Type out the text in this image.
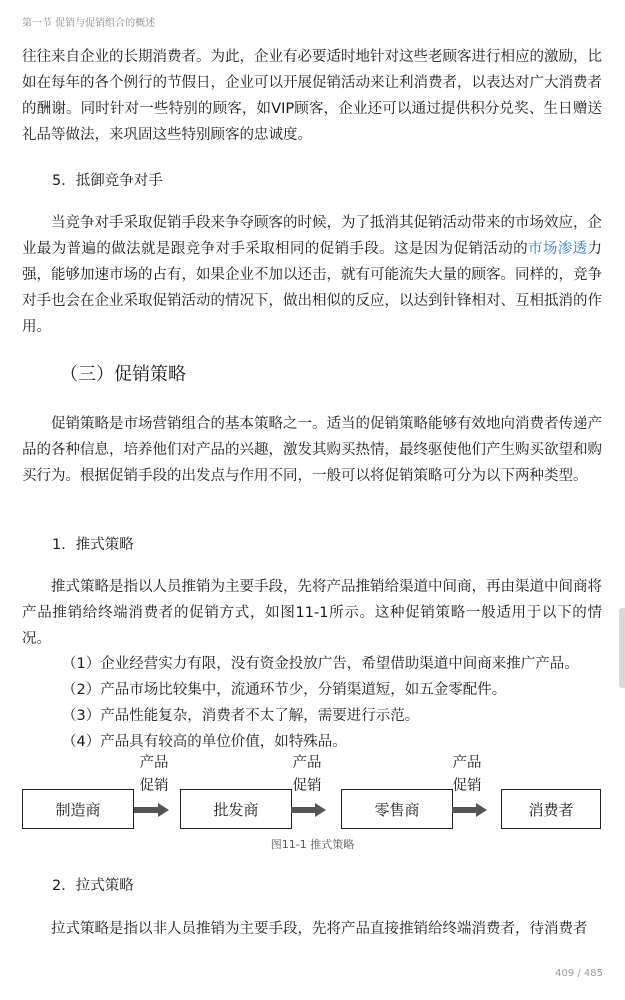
第一节 促销与促销组合的概述

往往来自企业的长期消费者。为此，企业有必要适时地针对这些老顾客进行相应的激励，比如在每年的各个例行的节假日，企业可以开展促销活动来让利消费者，以表达对广大消费者的酬谢。同时针对一些特别的顾客，如VIP顾客，企业还可以通过提供积分兑奖、生日赠送礼品等做法，来巩固这些特别顾客的忠诚度。

5．抵御竞争对手

当竞争对手采取促销手段来争夺顾客的时候，为了抵消其促销活动带来的市场效应，企业最为普遍的做法就是跟竞争对手采取相同的促销手段。这是因为促销活动的市场渗透力强，能够加速市场的占有，如果企业不加以还击，就有可能流失大量的顾客。同样的，竞争对手也会在企业采取促销活动的情况下，做出相似的反应，以达到针锋相对、互相抵消的作用。

（三）促销策略

促销策略是市场营销组合的基本策略之一。适当的促销策略能够有效地向消费者传递产品的各种信息，培养他们对产品的兴趣，激发其购买热情，最终驱使他们产生购买欲望和购买行为。根据促销手段的出发点与作用不同，一般可以将促销策略可分为以下两种类型。

1．推式策略

推式策略是指以人员推销为主要手段，先将产品推销给渠道中间商，再由渠道中间商将产品推销给终端消费者的促销方式，如图11-1所示。这种促销策略一般适用于以下的情况。

（1）企业经营实力有限，没有资金投放广告，希望借助渠道中间商来推广产品。

（2）产品市场比较集中，流通环节少，分销渠道短，如五金零配件。

（3）产品性能复杂，消费者不太了解，需要进行示范。

（4）产品具有较高的单位价值，如特殊品。

制造商	批发商	零售商	消费者
产品
促销
产品
促销
产品
促销
图11-1 推式策略

2．拉式策略

拉式策略是指以非人员推销为主要手段，先将产品直接推销给终端消费者，待消费者

409 / 485
